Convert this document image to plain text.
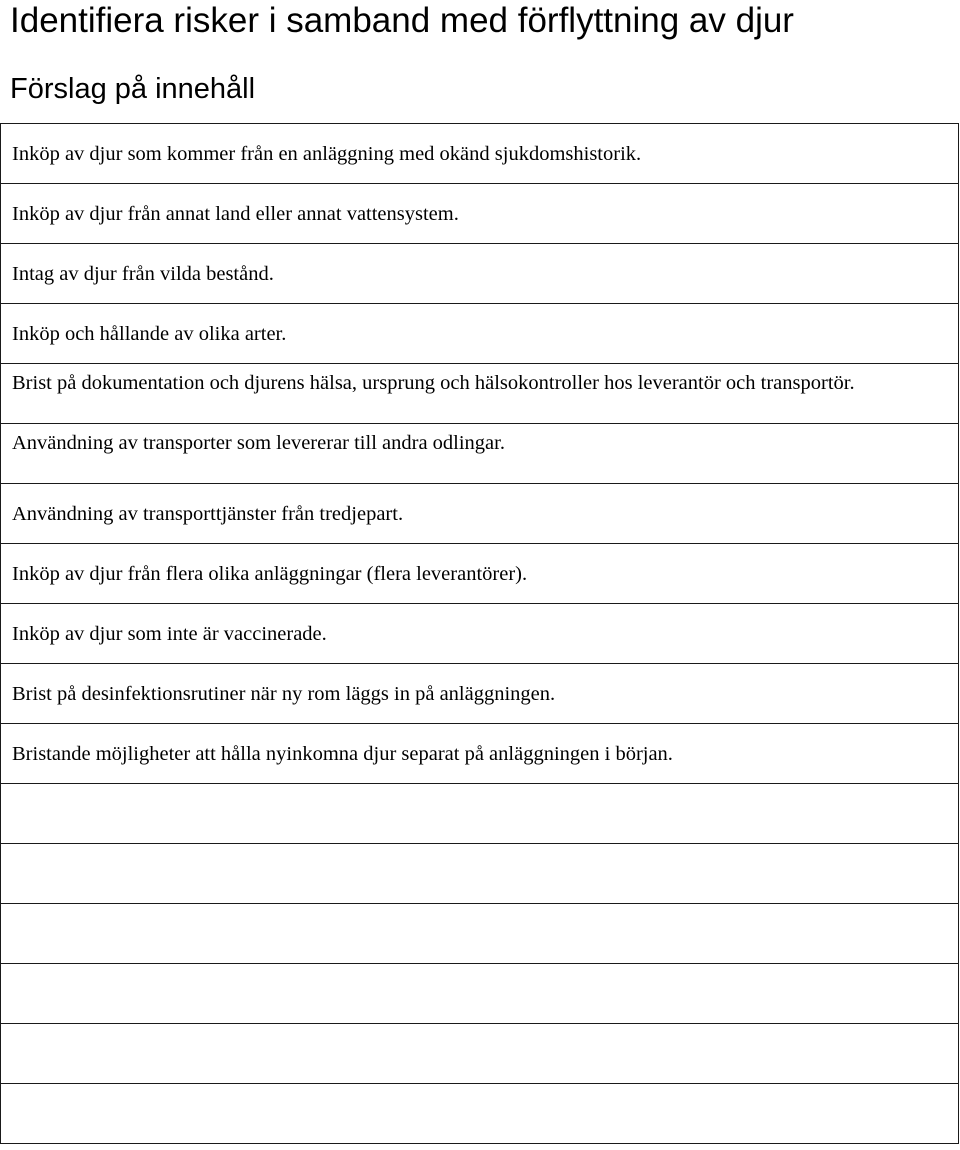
Identifiera risker i samband med förflyttning av djur
Förslag på innehåll
Inköp av djur som kommer från en anläggning med okänd sjukdomshistorik.

Inköp av djur från annat land eller annat vattensystem.

Intag av djur från vilda bestånd.

Inköp och hållande av olika arter.

Brist på dokumentation och djurens hälsa, ursprung och hälsokontroller hos leverantör och transportör.

Användning av transporter som levererar till andra odlingar.

Användning av transporttjänster från tredjepart.

Inköp av djur från flera olika anläggningar (flera leverantörer).

Inköp av djur som inte är vaccinerade.

Brist på desinfektionsrutiner när ny rom läggs in på anläggningen.

Bristande möjligheter att hålla nyinkomna djur separat på anläggningen i början.
